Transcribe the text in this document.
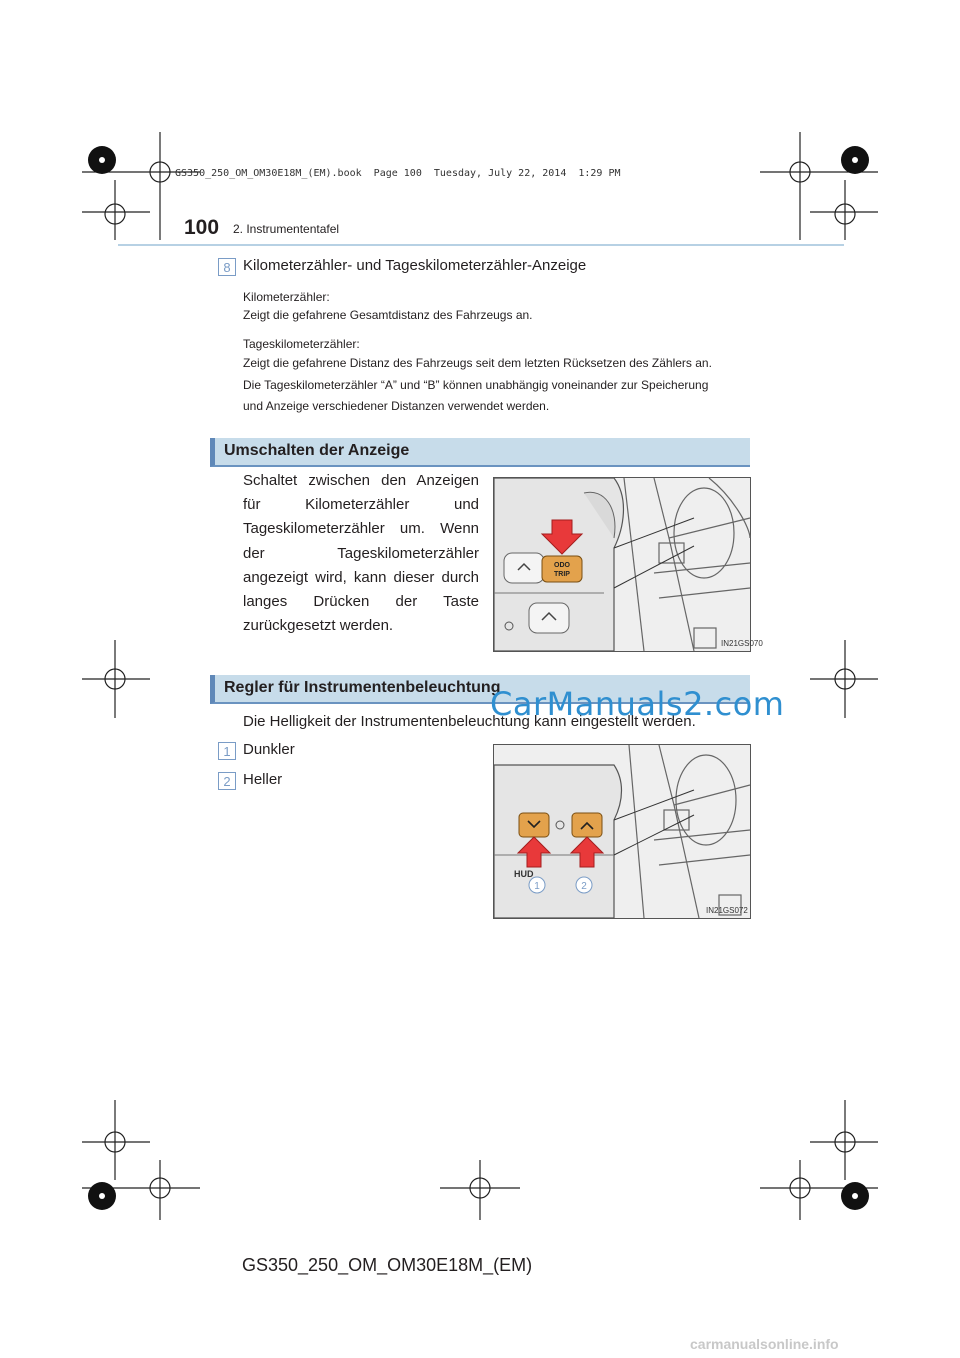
GS350_250_OM_OM30E18M_(EM).book  Page 100  Tuesday, July 22, 2014  1:29 PM
100 2. Instrumententafel
8 Kilometerzähler- und Tageskilometerzähler-Anzeige
Kilometerzähler:
Zeigt die gefahrene Gesamtdistanz des Fahrzeugs an.
Tageskilometerzähler:
Zeigt die gefahrene Distanz des Fahrzeugs seit dem letzten Rücksetzen des Zählers an.
Die Tageskilometerzähler “A” und “B” können unabhängig voneinander zur Speicherung
und Anzeige verschiedener Distanzen verwendet werden.
Umschalten der Anzeige
Schaltet zwischen den Anzeigen für Kilometerzähler und Tageskilometerzähler um. Wenn der Tageskilometerzähler angezeigt wird, kann dieser durch langes Drücken der Taste zurückgesetzt werden.
ODO
TRIP
IN21GS070
Regler für Instrumentenbeleuchtung
Die Helligkeit der Instrumentenbeleuchtung kann eingestellt werden.
1 Dunkler
2 Heller
HUD
1	2
IN21GS072
CarManuals2.com
GS350_250_OM_OM30E18M_(EM)
carmanualsonline.info
